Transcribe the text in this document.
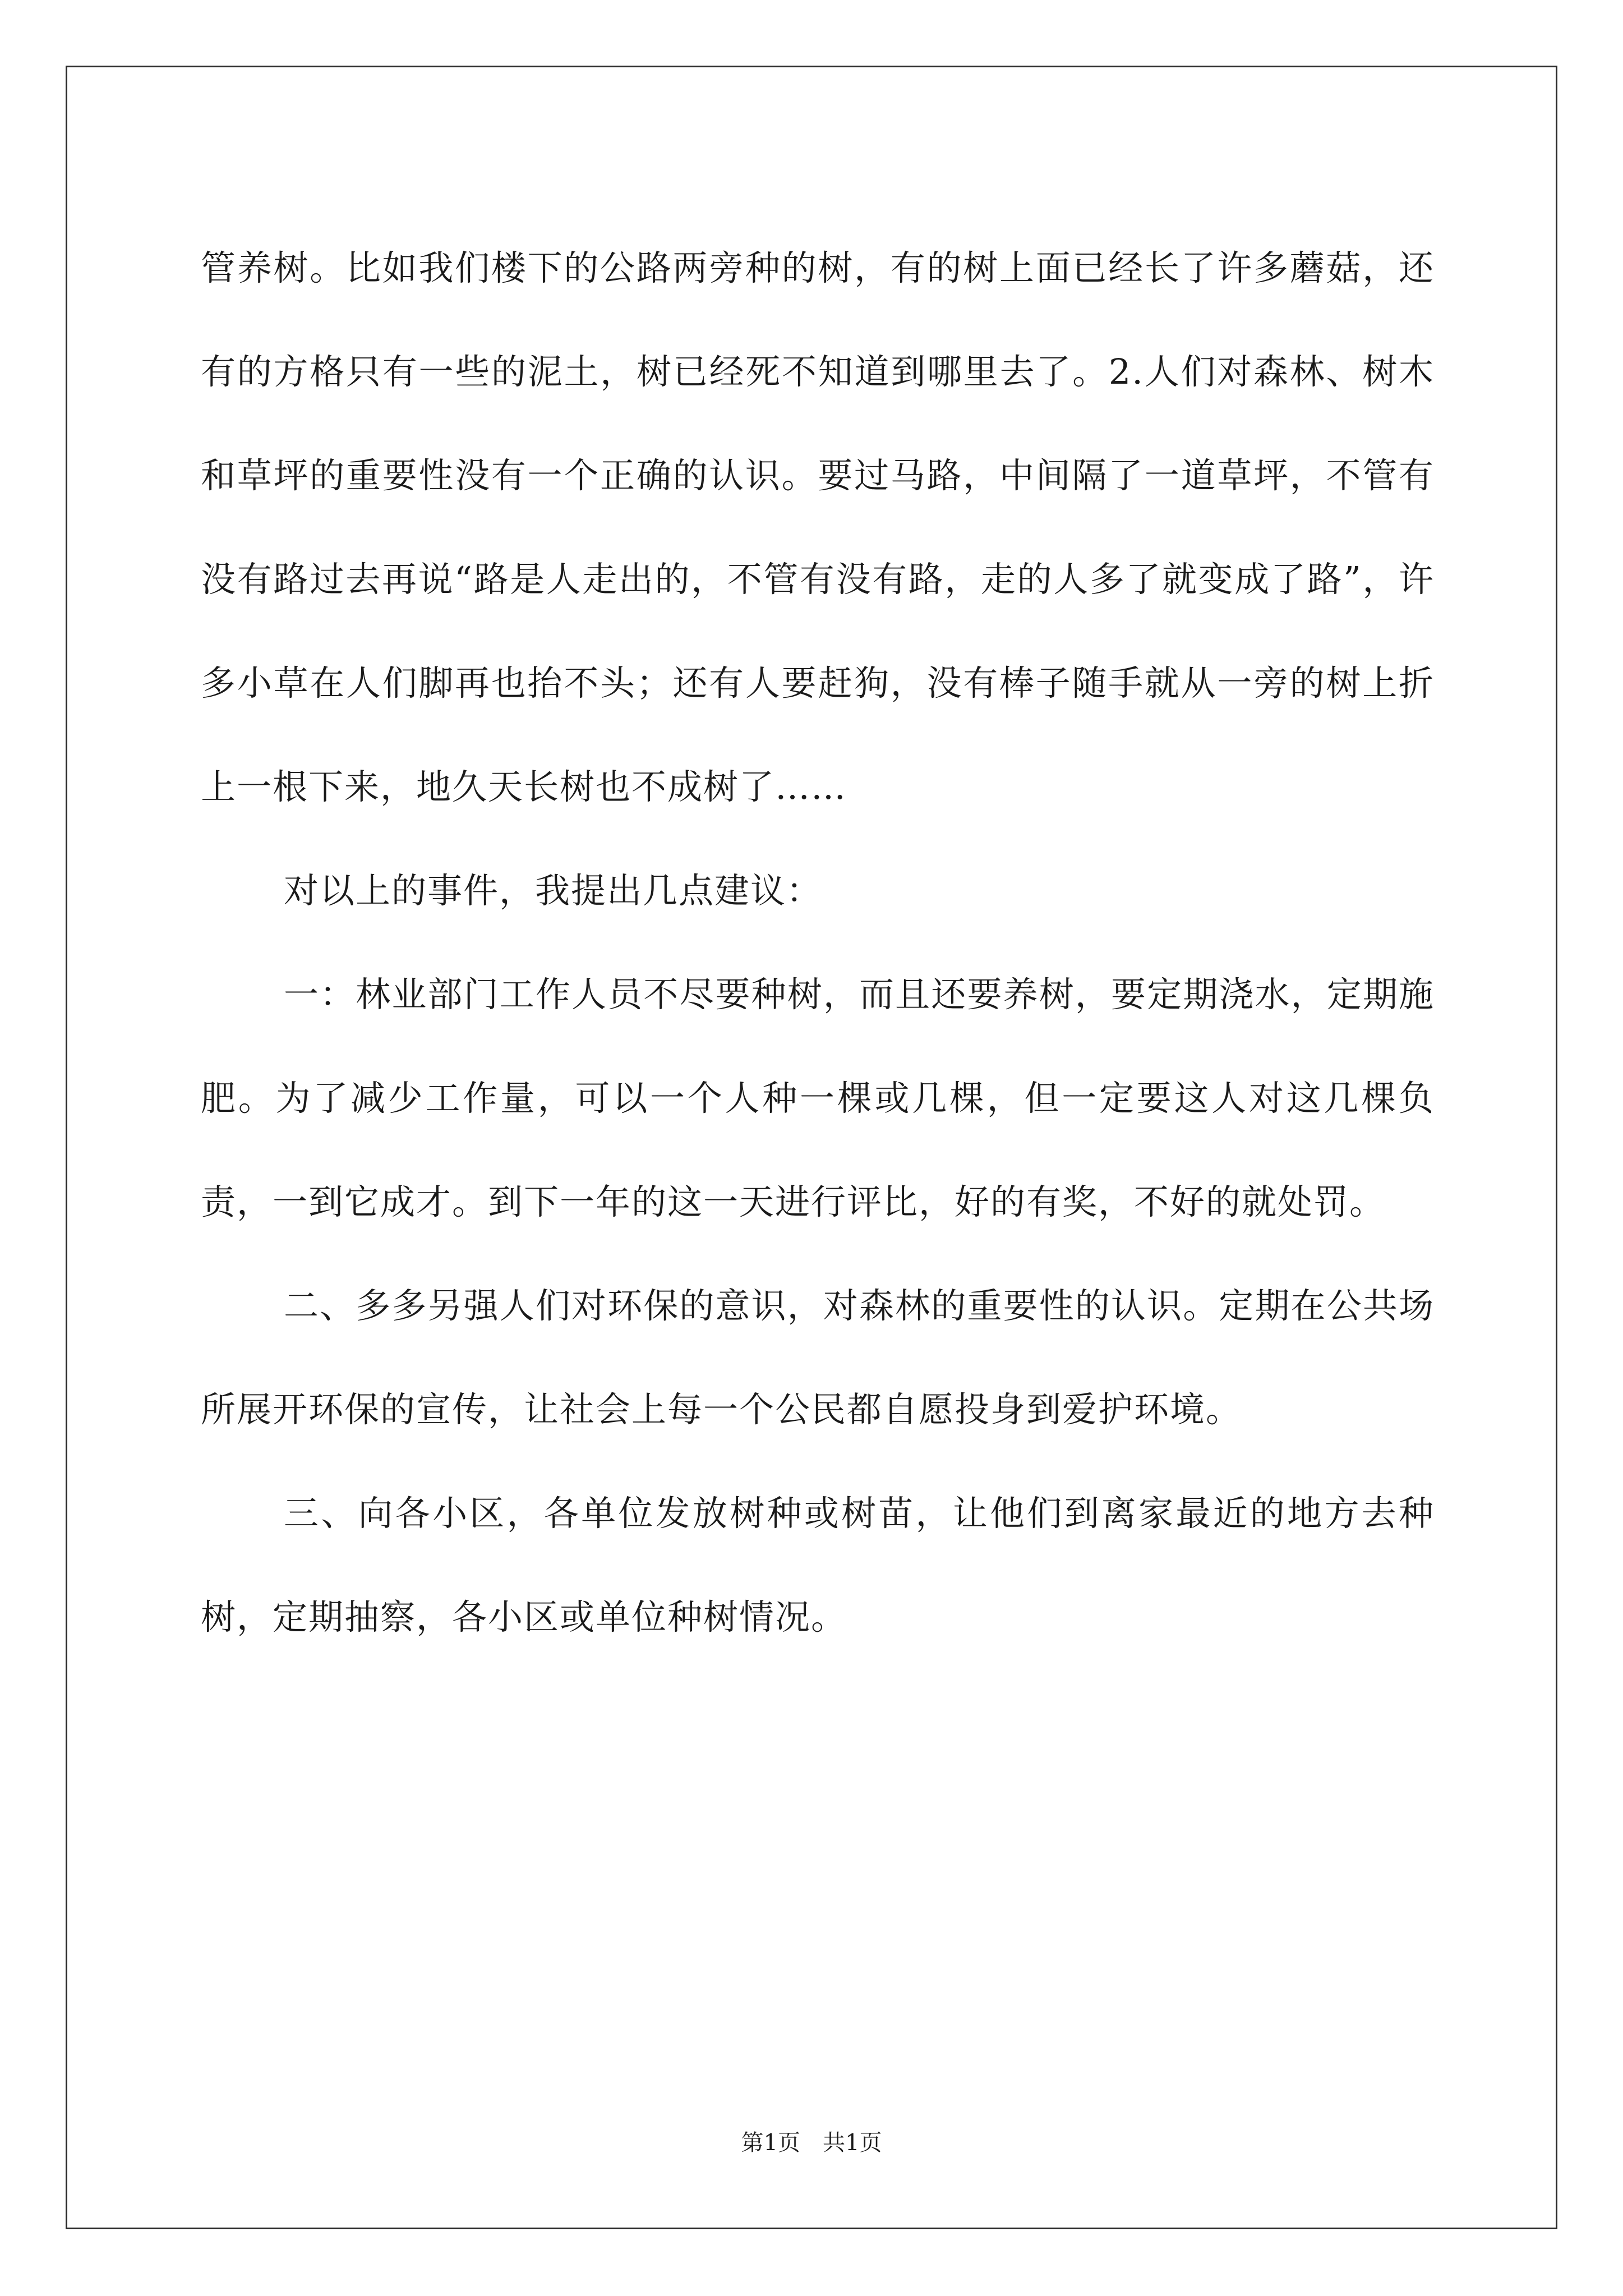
管养树。比如我们楼下的公路两旁种的树，有的树上面已经长了许多蘑菇，还有的方格只有一些的泥土，树已经死不知道到哪里去了。2.人们对森林、树木和草坪的重要性没有一个正确的认识。要过马路，中间隔了一道草坪，不管有没有路过去再说“路是人走出的，不管有没有路，走的人多了就变成了路”，许多小草在人们脚再也抬不头；还有人要赶狗，没有棒子随手就从一旁的树上折上一根下来，地久天长树也不成树了……

对以上的事件，我提出几点建议：

一：林业部门工作人员不尽要种树，而且还要养树，要定期浇水，定期施肥。为了减少工作量，可以一个人种一棵或几棵，但一定要这人对这几棵负责，一到它成才。到下一年的这一天进行评比，好的有奖，不好的就处罚。

二、多多另强人们对环保的意识，对森林的重要性的认识。定期在公共场所展开环保的宣传，让社会上每一个公民都自愿投身到爱护环境。

三、向各小区，各单位发放树种或树苗，让他们到离家最近的地方去种树，定期抽察，各小区或单位种树情况。

第1页　共1页
